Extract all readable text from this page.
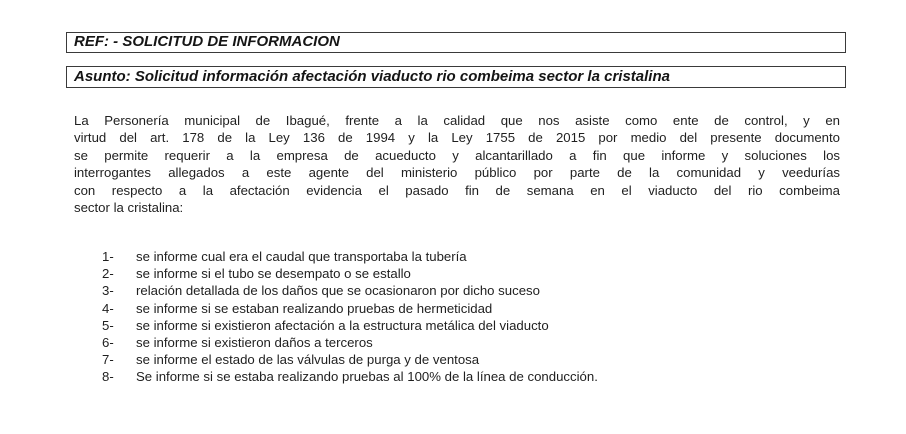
REF: - SOLICITUD DE INFORMACION
Asunto: Solicitud información afectación viaducto rio combeima sector la cristalina
La Personería municipal de Ibagué, frente a la calidad que nos asiste como ente de control, y en
virtud del art. 178 de la Ley 136 de 1994 y la Ley 1755 de 2015 por medio del presente documento
se permite requerir a la empresa de acueducto y alcantarillado a fin que informe y soluciones los
interrogantes allegados a este agente del ministerio público por parte de la comunidad y veedurías
con respecto a la afectación evidencia el pasado fin de semana en el viaducto del rio combeima
sector la cristalina:
1-	se informe cual era el caudal que transportaba la tubería
2-	se informe si el tubo se desempato o se estallo
3-	relación detallada de los daños que se ocasionaron por dicho suceso
4-	se informe si se estaban realizando pruebas de hermeticidad
5-	se informe si existieron afectación a la estructura metálica del viaducto
6-	se informe si existieron daños a terceros
7-	se informe el estado de las válvulas de purga y de ventosa
8-	Se informe si se estaba realizando pruebas al 100% de la línea de conducción.
